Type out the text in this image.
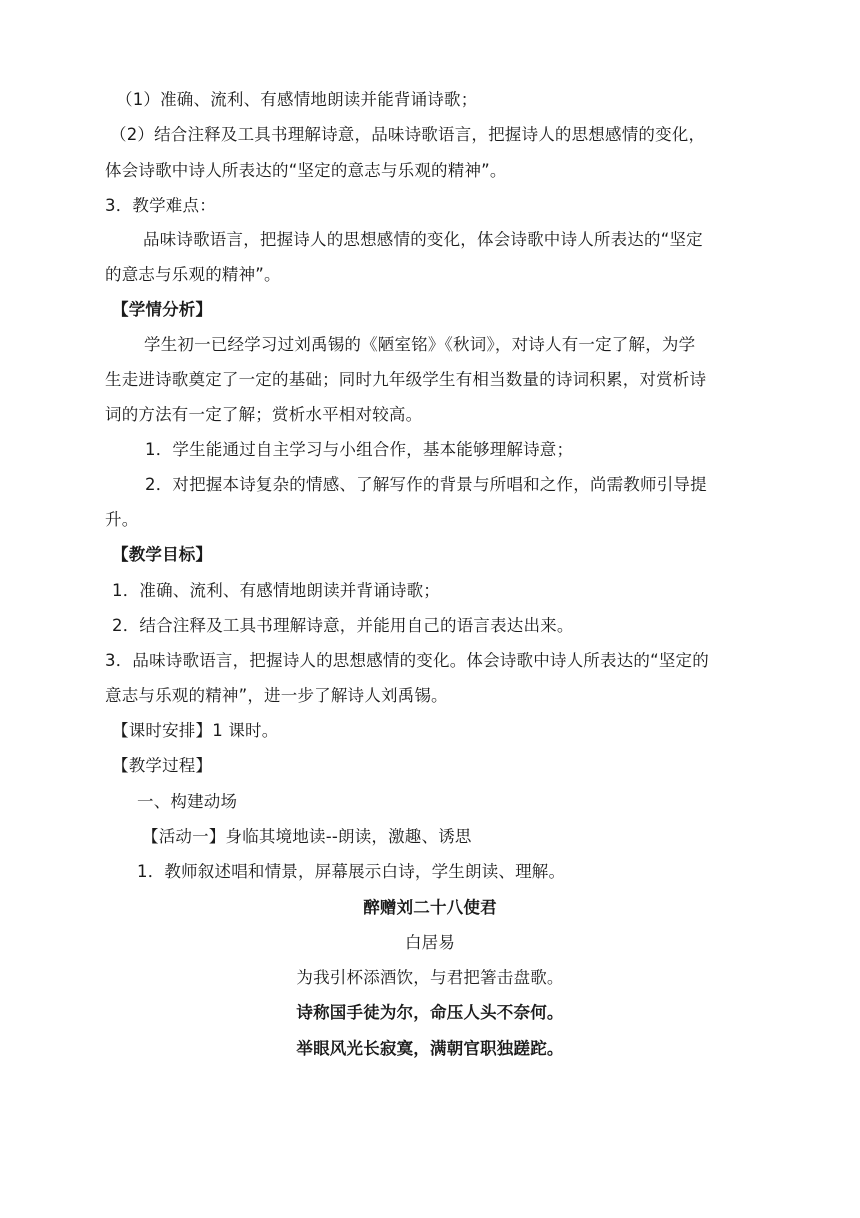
（1）准确、流利、有感情地朗读并能背诵诗歌；
（2）结合注释及工具书理解诗意，品味诗歌语言，把握诗人的思想感情的变化，
体会诗歌中诗人所表达的“坚定的意志与乐观的精神”。
3．教学难点：
品味诗歌语言，把握诗人的思想感情的变化，体会诗歌中诗人所表达的“坚定
的意志与乐观的精神”。
【学情分析】
学生初一已经学习过刘禹锡的《陋室铭》《秋词》，对诗人有一定了解，为学
生走进诗歌奠定了一定的基础；同时九年级学生有相当数量的诗词积累，对赏析诗
词的方法有一定了解；赏析水平相对较高。
1．学生能通过自主学习与小组合作，基本能够理解诗意；
2．对把握本诗复杂的情感、了解写作的背景与所唱和之作，尚需教师引导提
升。
【教学目标】
1．准确、流利、有感情地朗读并背诵诗歌；
2．结合注释及工具书理解诗意，并能用自己的语言表达出来。
3．品味诗歌语言，把握诗人的思想感情的变化。体会诗歌中诗人所表达的“坚定的
意志与乐观的精神”，进一步了解诗人刘禹锡。
【课时安排】1 课时。
【教学过程】
一、构建动场
【活动一】身临其境地读--朗读，激趣、诱思
1．教师叙述唱和情景，屏幕展示白诗，学生朗读、理解。
醉赠刘二十八使君
白居易
为我引杯添酒饮，与君把箸击盘歌。
诗称国手徒为尔，命压人头不奈何。
举眼风光长寂寞，满朝官职独蹉跎。
